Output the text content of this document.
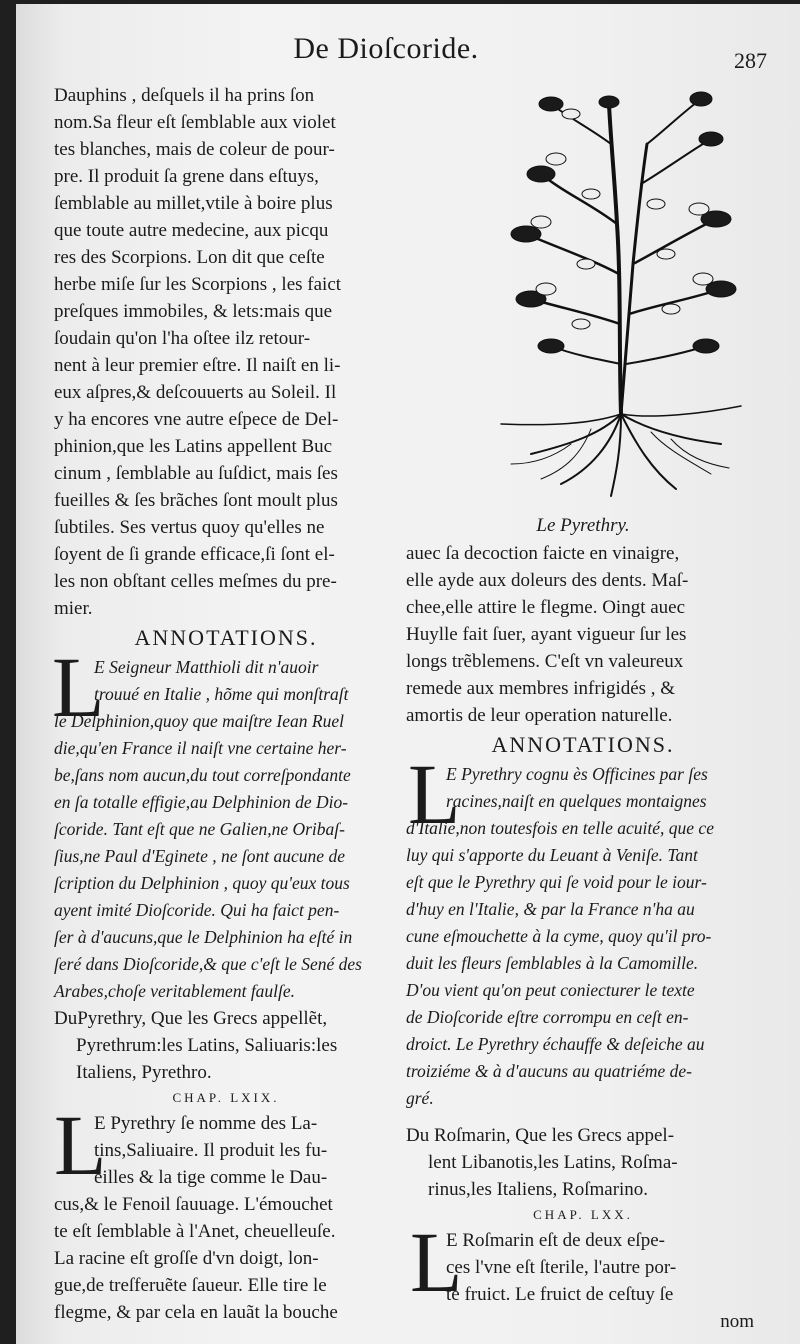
De Dioſcoride.	287
Dauphins , deſquels il ha prins ſon
nom.Sa fleur eſt ſemblable aux violet
tes blanches, mais de coleur de pour-
pre. Il produit ſa grene dans eſtuys,
ſemblable au millet,vtile à boire plus
que toute autre medecine, aux picqu
res des Scorpions. Lon dit que ceſte
herbe miſe ſur les Scorpions , les faict
preſques immobiles, & lets:mais que
ſoudain qu'on l'ha oſtee ilz retour-
nent à leur premier eſtre. Il naiſt en li-
eux aſpres,& deſcouuerts au Soleil. Il
y ha encores vne autre eſpece de Del-
phinion,que les Latins appellent Buc
cinum , ſemblable au ſuſdict, mais ſes
fueilles & ſes brãches ſont moult plus
ſubtiles. Ses vertus quoy qu'elles ne
ſoyent de ſi grande efficace,ſi ſont el-
les non obſtant celles meſmes du pre-
mier.
ANNOTATIONS.
L
E Seigneur Matthioli dit n'auoir
trouué en Italie , hõme qui monſtraſt
le Delphinion,quoy que maiſtre Iean Ruel
die,qu'en France il naiſt vne certaine her-
be,ſans nom aucun,du tout correſpondante
en ſa totalle effigie,au Delphinion de Dio-
ſcoride. Tant eſt que ne Galien,ne Oribaſ-
ſius,ne Paul d'Eginete , ne ſont aucune de
ſcription du Delphinion , quoy qu'eux tous
ayent imité Dioſcoride. Qui ha faict pen-
ſer à d'aucuns,que le Delphinion ha eſté in
ſeré dans Dioſcoride,& que c'eſt le Sené des
Arabes,choſe veritablement faulſe.
DuPyrethry, Que les Grecs appellẽt,
Pyrethrum:les Latins, Saliuaris:les
Italiens, Pyrethro.
CHAP. LXIX.
L
E Pyrethry ſe nomme des La-
tins,Saliuaire. Il produit les fu-
eilles & la tige comme le Dau-
cus,& le Fenoil ſauuage. L'émouchet
te eſt ſemblable à l'Anet, cheuelleuſe.
La racine eſt groſſe d'vn doigt, lon-
gue,de treſferuẽte ſaueur. Elle tire le
flegme, & par cela en lauãt la bouche
Le Pyrethry.
auec ſa decoction faicte en vinaigre,
elle ayde aux doleurs des dents. Maſ-
chee,elle attire le flegme. Oingt auec
Huylle fait ſuer, ayant vigueur ſur les
longs trẽblemens. C'eſt vn valeureux
remede aux membres infrigidés , &
amortis de leur operation naturelle.
ANNOTATIONS.
L
E Pyrethry cognu ès Officines par ſes
racines,naiſt en quelques montaignes
d'Italie,non toutesfois en telle acuité, que ce
luy qui s'apporte du Leuant à Veniſe. Tant
eſt que le Pyrethry qui ſe void pour le iour-
d'huy en l'Italie, & par la France n'ha au
cune eſmouchette à la cyme, quoy qu'il pro-
duit les fleurs ſemblables à la Camomille.
D'ou vient qu'on peut coniecturer le texte
de Dioſcoride eſtre corrompu en ceſt en-
droict. Le Pyrethry échauffe & deſeiche au
troiziéme & à d'aucuns au quatriéme de-
gré.
Du Roſmarin, Que les Grecs appel-
lent Libanotis,les Latins, Roſma-
rinus,les Italiens, Roſmarino.
CHAP. LXX.
L
E Roſmarin eſt de deux eſpe-
ces l'vne eſt ſterile, l'autre por-
te fruict. Le fruict de ceſtuy ſe
nom
